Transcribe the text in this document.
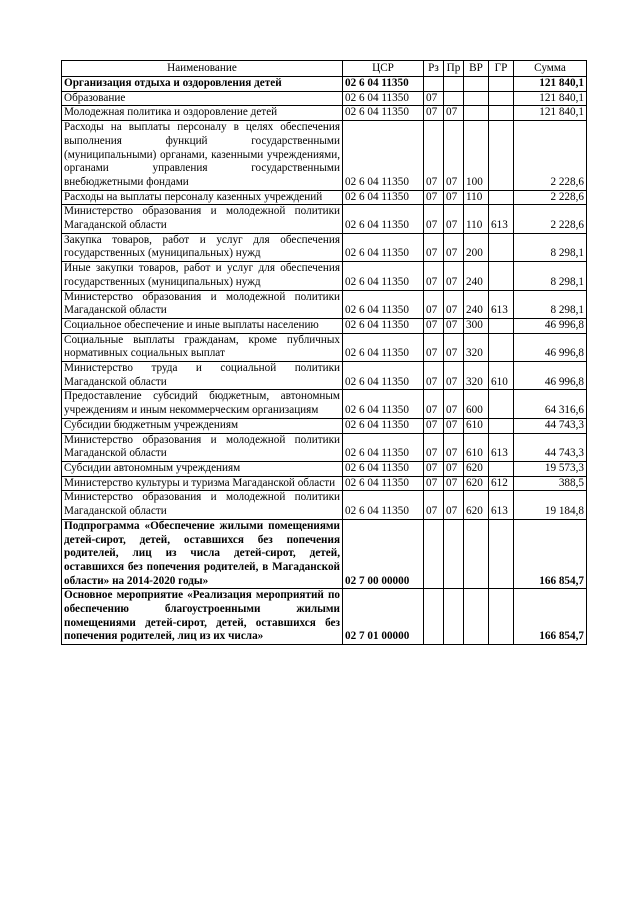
Наименование	ЦСР	Рз	Пр	ВР	ГР	Сумма
Организация отдыха и оздоровления детей	02 6 04 11350					121 840,1
Образование	02 6 04 11350	07				121 840,1
Молодежная политика и оздоровление детей	02 6 04 11350	07	07			121 840,1
Расходы на выплаты персоналу в целях обеспечения выполнения функций государственными (муниципальными) органами, казенными учреждениями, органами управления государственными внебюджетными фондами	02 6 04 11350	07	07	100		2 228,6
Расходы на выплаты персоналу казенных учреждений	02 6 04 11350	07	07	110		2 228,6
Министерство образования и молодежной политики Магаданской области	02 6 04 11350	07	07	110	613	2 228,6
Закупка товаров, работ и услуг для обеспечения государственных (муниципальных) нужд	02 6 04 11350	07	07	200		8 298,1
Иные закупки товаров, работ и услуг для обеспечения государственных (муниципальных) нужд	02 6 04 11350	07	07	240		8 298,1
Министерство образования и молодежной политики Магаданской области	02 6 04 11350	07	07	240	613	8 298,1
Социальное обеспечение и иные выплаты населению	02 6 04 11350	07	07	300		46 996,8
Социальные выплаты гражданам, кроме публичных нормативных социальных выплат	02 6 04 11350	07	07	320		46 996,8
Министерство труда и социальной политики Магаданской области	02 6 04 11350	07	07	320	610	46 996,8
Предоставление субсидий бюджетным, автономным учреждениям и иным некоммерческим организациям	02 6 04 11350	07	07	600		64 316,6
Субсидии бюджетным учреждениям	02 6 04 11350	07	07	610		44 743,3
Министерство образования и молодежной политики Магаданской области	02 6 04 11350	07	07	610	613	44 743,3
Субсидии автономным учреждениям	02 6 04 11350	07	07	620		19 573,3
Министерство культуры и туризма Магаданской области	02 6 04 11350	07	07	620	612	388,5
Министерство образования и молодежной политики Магаданской области	02 6 04 11350	07	07	620	613	19 184,8
Подпрограмма «Обеспечение жилыми помещениями детей-сирот, детей, оставшихся без попечения родителей, лиц из числа детей-сирот, детей, оставшихся без попечения родителей, в Магаданской области» на 2014-2020 годы»	02 7 00 00000					166 854,7
Основное мероприятие «Реализация мероприятий по обеспечению благоустроенными жилыми помещениями детей-сирот, детей, оставшихся без попечения родителей, лиц из их числа»	02 7 01 00000					166 854,7
